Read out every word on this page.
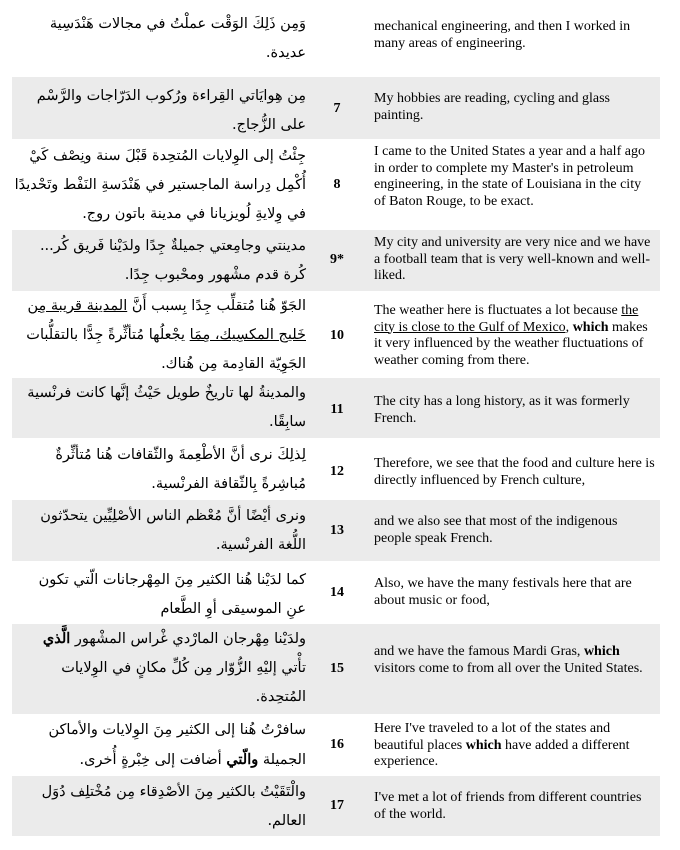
وَمِن ذَلِكَ الوَقْت عملْتُ في مجالات هَنْدَسِية
عديدة.
mechanical engineering, and then I worked in many areas of engineering.
مِن هِوايَاتي القِراءة ورُكوب الدَرّاجات والرَّسْم
على الزُّجاج.
7
My hobbies are reading, cycling and glass painting.
جِئْتُ إلى الوِلايات المُتحِدة قَبْلَ سنة ونِصْف كَيْ
أُكْمِل دِراسة الماجستير في هَنْدَسةِ النَفْط وتَحْديدًا
في وِلايةِ لُويزيانا في مدينة باتون روج.
8
I came to the United States a year and a half ago in order to complete my Master's in petroleum engineering, in the state of Louisiana in the city of Baton Rouge, to be exact.
مدينتي وجامِعتي جميلةٌ جِدًا ولدَيْنا فَريق كُر...
كُرة قدم مشْهور ومحْبوب جِدًا.
9*
My city and university are very nice and we have a football team that is very well-known and well-liked.
الجَوّ هُنا مُتقلِّب جِدًا بِسبب أَنَّ المدينة قريبة مِن
خَليج المكسِيك، مِمَا يجْعلُها مُتأثِّرةً جِدًّا بالتقلُّبات
الجَوِيّة القادِمة مِن هُناك.
10
The weather here is fluctuates a lot because the city is close to the Gulf of Mexico, which makes it very influenced by the weather fluctuations of weather coming from there.
والمدينةُ لها تاريخٌ طويل حَيْثُ إنَّها كانت فرنْسية
سابِقًا.
11
The city has a long history, as it was formerly French.
لِذلِكَ نرى أنَّ الأطْعِمةَ والثّقافات هُنا مُتأثِّرةٌ
مُباشِرةً بِالثّقافة الفرنْسية.
12
Therefore, we see that the food and culture here is directly influenced by French culture,
ونرى أيْضًا أنَّ مُعْظم الناس الأصْلِيِّين يتحدّثون
اللُّغة الفرنْسية.
13
and we also see that most of the indigenous people speak French.
كما لدَيْنا هُنا الكثير مِنَ المِهْرجانات الّتي تكون
عنِ الموسيقى أوِ الطَّعام
14
Also, we have the many festivals here that are about music or food,
ولدَيْنا مِهْرجان المارْدي غْراس المشْهور الَّذي
تأْتي إليْهِ الزُّوّار مِن كُلِّ مكانٍ في الوِلايات
المُتحِدة.
15
and we have the famous Mardi Gras, which visitors come to from all over the United States.
سافرْتُ هُنا إلى الكثير مِنَ الوِلايات والأماكن
الجميلة والّتي أضافت إلى خِبْرةٍ أُخرى.
16
Here I've traveled to a lot of the states and beautiful places which have added a different experience.
والْتَقَيْتُ بالكثير مِنَ الأصْدِقاء مِن مُخْتلِف دُوَل
العالم.
17
I've met a lot of friends from different countries of the world.
